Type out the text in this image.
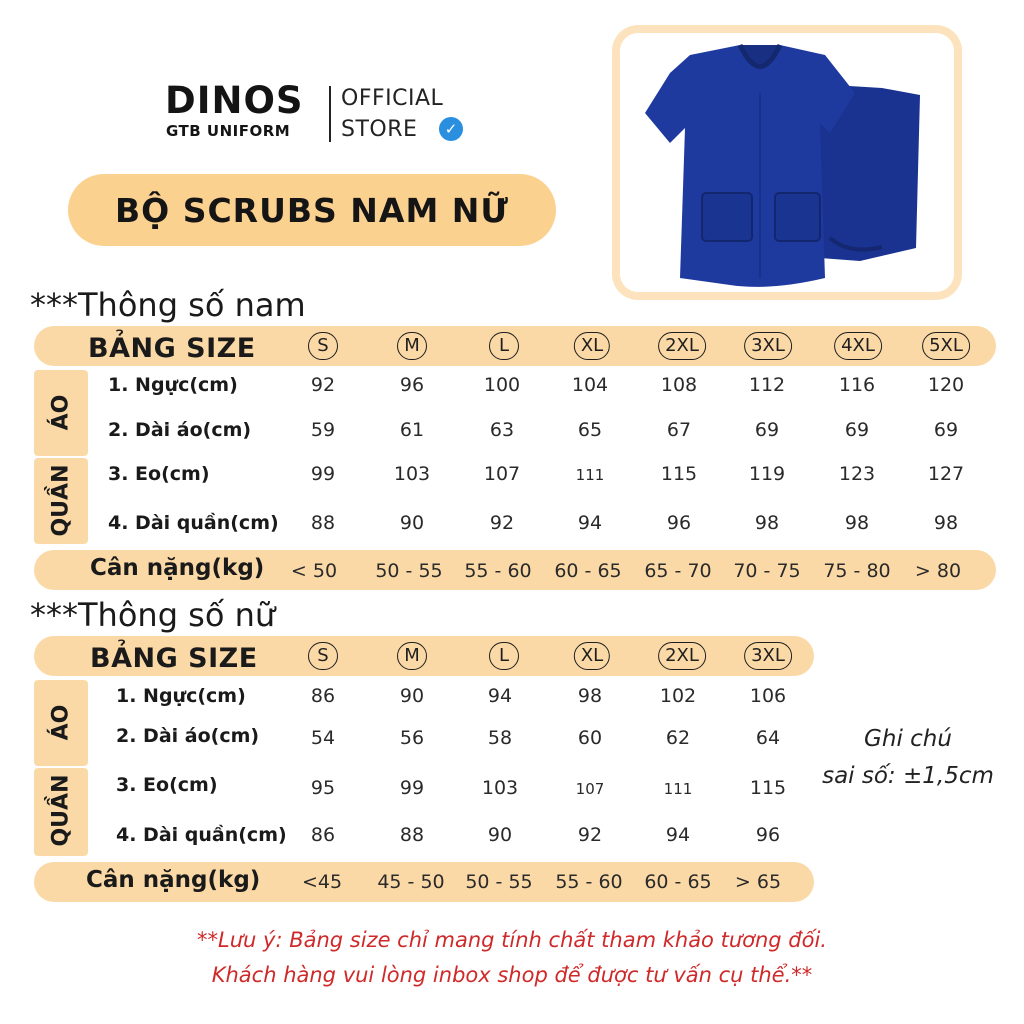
DINOS
GTB UNIFORM
OFFICIAL
STORE	✓
BỘ SCRUBS NAM NỮ
***Thông số nam
BẢNG SIZE	S	M	L	XL	2XL	3XL	4XL	5XL
ÁO
QUẦN
1. Ngực(cm)	92	96	100	104	108	112	116	120
2. Dài áo(cm)	59	61	63	65	67	69	69	69
3. Eo(cm)	99	103	107	111	115	119	123	127
4. Dài quần(cm)	88	90	92	94	96	98	98	98
Cân nặng(kg)	< 50	50 - 55	55 - 60	60 - 65	65 - 70	70 - 75	75 - 80	> 80
***Thông số nữ
BẢNG SIZE	S	M	L	XL	2XL	3XL
ÁO
QUẦN
1. Ngực(cm)	86	90	94	98	102	106
2. Dài áo(cm)	54	56	58	60	62	64
3. Eo(cm)	95	99	103	107	111	115
4. Dài quần(cm)	86	88	90	92	94	96
Cân nặng(kg)	<45	45 - 50	50 - 55	55 - 60	60 - 65	> 65
Ghi chú
sai số: ±1,5cm
**Lưu ý: Bảng size chỉ mang tính chất tham khảo tương đối.
Khách hàng vui lòng inbox shop để được tư vấn cụ thể.**
